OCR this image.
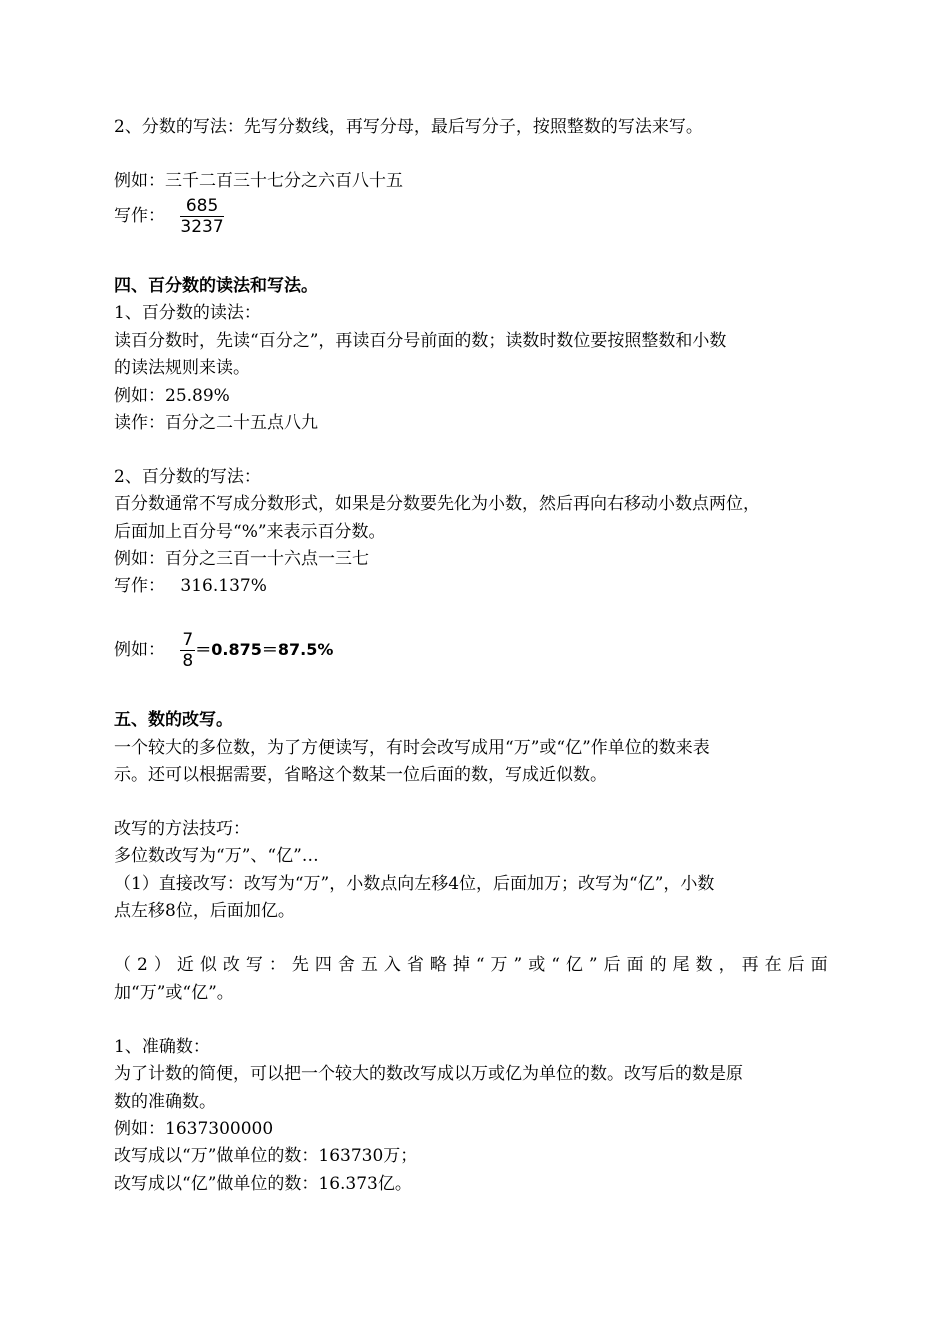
2、分数的写法：先写分数线，再写分母，最后写分子，按照整数的写法来写。
例如：三千二百三十七分之六百八十五
写作： $\frac{685}{3237}$
四、百分数的读法和写法。
1、百分数的读法：
读百分数时，先读“百分之”，再读百分号前面的数；读数时数位要按照整数和小数
的读法规则来读。
例如：25.89%
读作：百分之二十五点八九
2、百分数的写法：
百分数通常不写成分数形式，如果是分数要先化为小数，然后再向右移动小数点两位，
后面加上百分号“%”来表示百分数。
例如：百分之三百一十六点一三七
写作： 316.137%
例如： $\frac{7}{8} =0.875=87.5\%$
五、数的改写。
一个较大的多位数，为了方便读写，有时会改写成用“万”或“亿”作单位的数来表
示。还可以根据需要，省略这个数某一位后面的数，写成近似数。
改写的方法技巧：
多位数改写为“万”、“亿”…
（1）直接改写：改写为“万”，小数点向左移4位，后面加万；改写为“亿”，小数
点左移8位，后面加亿。
（2）近似改写：先四舍五入省略掉“万”或“亿”后面的尾数，再在后面
加“万”或“亿”。
1、准确数：
为了计数的简便，可以把一个较大的数改写成以万或亿为单位的数。改写后的数是原
数的准确数。
例如：1637300000
改写成以“万”做单位的数：163730万；
改写成以“亿”做单位的数：16.373亿。
